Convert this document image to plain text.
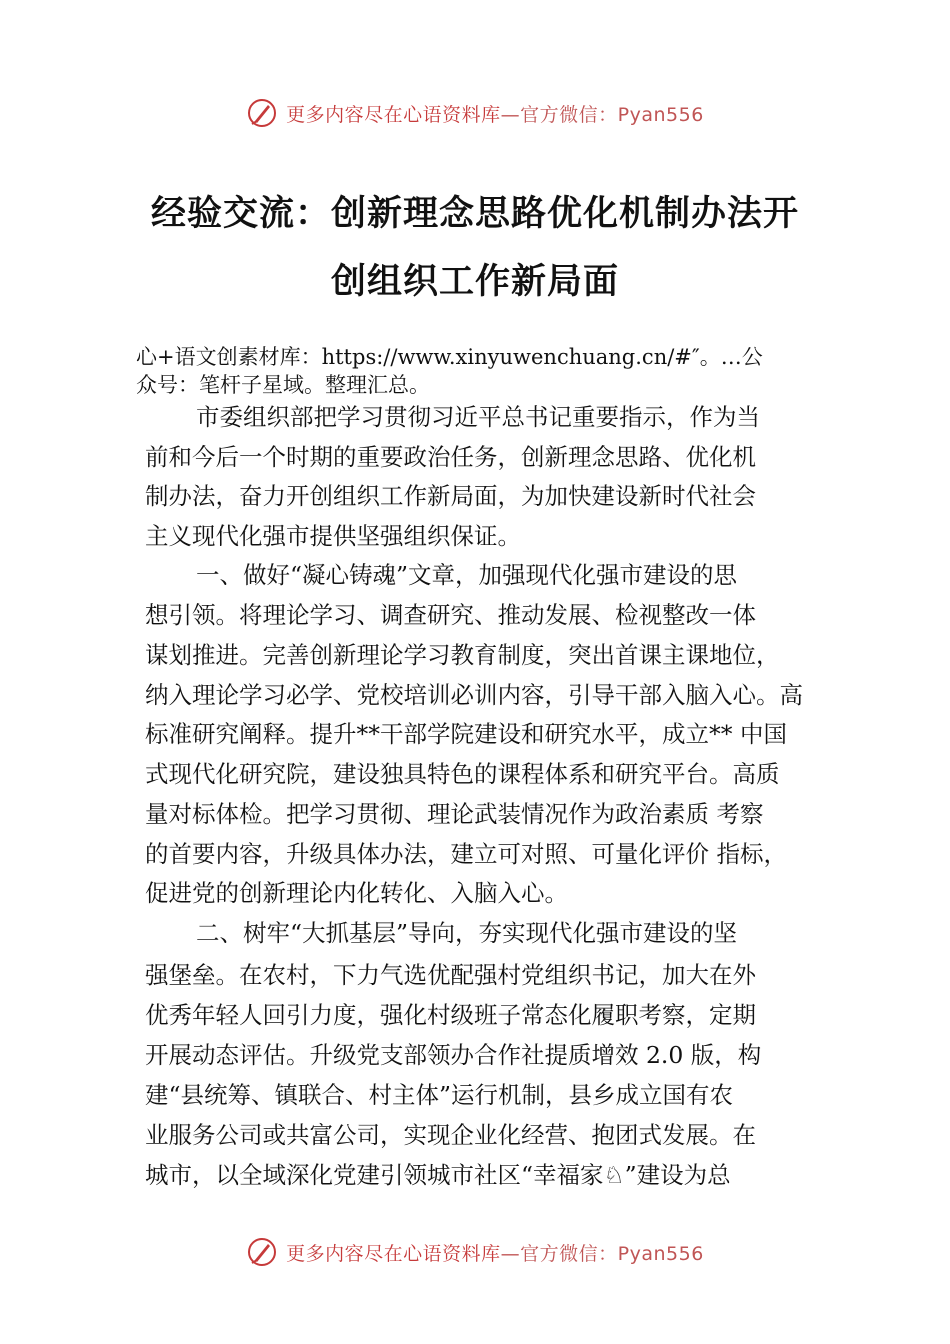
更多内容尽在心语资料库—官方微信：Pyan556
经验交流：创新理念思路优化机制办法开
创组织工作新局面
心+语文创素材库：https://www.xinyuwenchuang.cn/#″。…公
众号：笔杆子星域。整理汇总。
市委组织部把学习贯彻习近平总书记重要指示，作为当
前和今后一个时期的重要政治任务，创新理念思路、优化机
制办法，奋力开创组织工作新局面，为加快建设新时代社会
主义现代化强市提供坚强组织保证。
一、做好“凝心铸魂”文章，加强现代化强市建设的思
想引领。将理论学习、调查研究、推动发展、检视整改一体
谋划推进。完善创新理论学习教育制度，突出首课主课地位，
纳入理论学习必学、党校培训必训内容，引导干部入脑入心。高
标准研究阐释。提升**干部学院建设和研究水平，成立** 中国
式现代化研究院，建设独具特色的课程体系和研究平台。高质
量对标体检。把学习贯彻、理论武装情况作为政治素质 考察
的首要内容，升级具体办法，建立可对照、可量化评价 指标，
促进党的创新理论内化转化、入脑入心。
二、树牢“大抓基层”导向，夯实现代化强市建设的坚
强堡垒。在农村，下力气选优配强村党组织书记，加大在外
优秀年轻人回引力度，强化村级班子常态化履职考察，定期
开展动态评估。升级党支部领办合作社提质增效 2.0 版，构
建“县统筹、镇联合、村主体”运行机制，县乡成立国有农
业服务公司或共富公司，实现企业化经营、抱团式发展。在
城市，以全域深化党建引领城市社区“幸福家♘”建设为总
更多内容尽在心语资料库—官方微信：Pyan556
